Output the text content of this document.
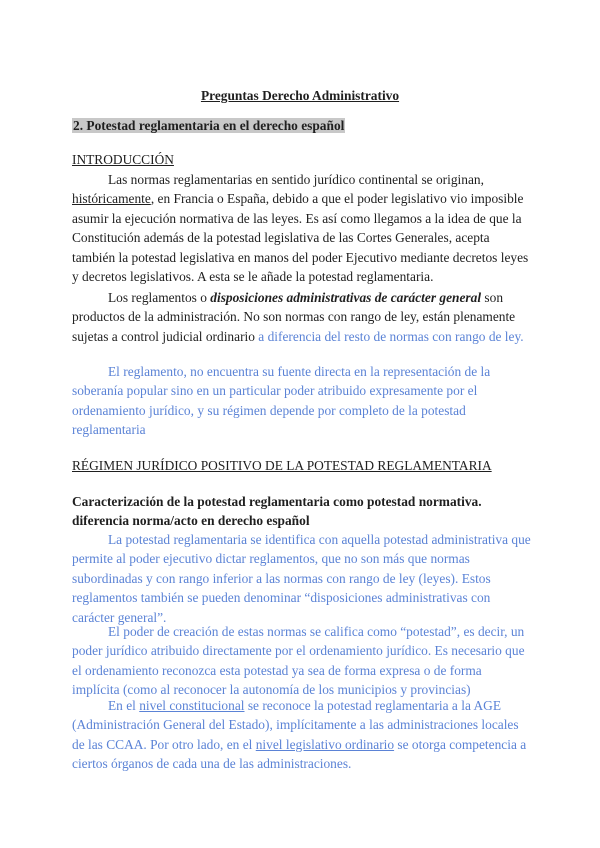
Preguntas Derecho Administrativo
2. Potestad reglamentaria en el derecho español
INTRODUCCIÓN

Las normas reglamentarias en sentido jurídico continental se originan, históricamente, en Francia o España, debido a que el poder legislativo vio imposible asumir la ejecución normativa de las leyes. Es así como llegamos a la idea de que la Constitución además de la potestad legislativa de las Cortes Generales, acepta también la potestad legislativa en manos del poder Ejecutivo mediante decretos leyes y decretos legislativos. A esta se le añade la potestad reglamentaria.

Los reglamentos o disposiciones administrativas de carácter general son productos de la administración. No son normas con rango de ley, están plenamente sujetas a control judicial ordinario a diferencia del resto de normas con rango de ley.

El reglamento, no encuentra su fuente directa en la representación de la soberanía popular sino en un particular poder atribuido expresamente por el ordenamiento jurídico, y su régimen depende por completo de la potestad reglamentaria

RÉGIMEN JURÍDICO POSITIVO DE LA POTESTAD REGLAMENTARIA
Caracterización de la potestad reglamentaria como potestad normativa. diferencia norma/acto en derecho español

La potestad reglamentaria se identifica con aquella potestad administrativa que permite al poder ejecutivo dictar reglamentos, que no son más que normas subordinadas y con rango inferior a las normas con rango de ley (leyes). Estos reglamentos también se pueden denominar “disposiciones administrativas con carácter general”.

El poder de creación de estas normas se califica como “potestad”, es decir, un poder jurídico atribuido directamente por el ordenamiento jurídico. Es necesario que el ordenamiento reconozca esta potestad ya sea de forma expresa o de forma implícita (como al reconocer la autonomía de los municipios y provincias)

En el nivel constitucional se reconoce la potestad reglamentaria a la AGE (Administración General del Estado), implícitamente a las administraciones locales de las CCAA. Por otro lado, en el nivel legislativo ordinario se otorga competencia a ciertos órganos de cada una de las administraciones.
